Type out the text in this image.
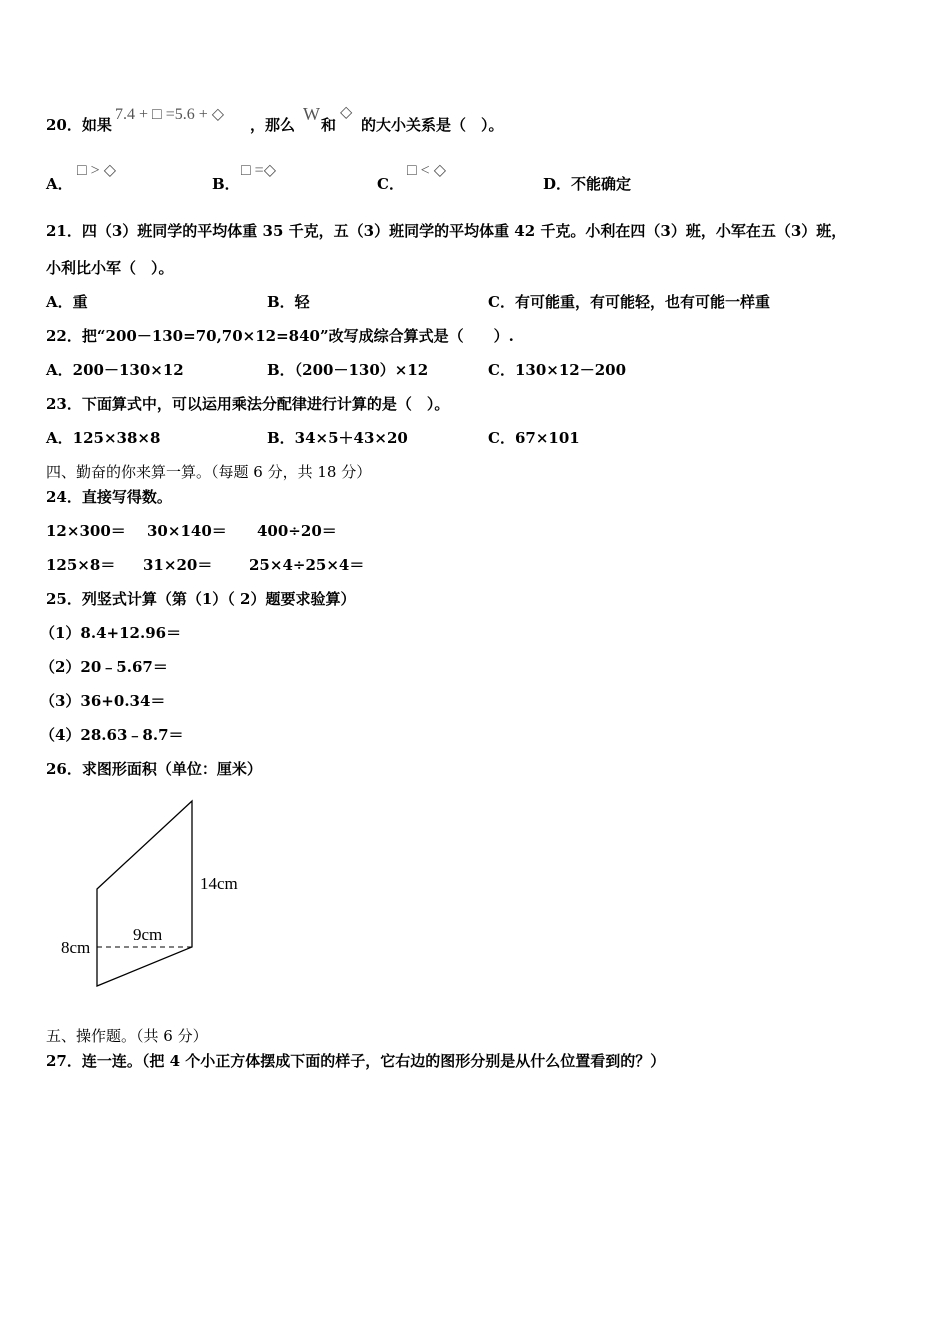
20．如果
7.4 + □ =5.6 + ◇
，那么
W
和
◇
的大小关系是（　）。
A．
□ > ◇
B．
□ =◇
C．
□ < ◇
D．不能确定
21．四（3）班同学的平均体重 35 千克，五（3）班同学的平均体重 42 千克。小利在四（3）班，小军在五（3）班，
小利比小军（　）。
A．重	B．轻	C．有可能重，有可能轻，也有可能一样重
22．把“200－130=70,70×12=840”改写成综合算式是（　　）.
A．200－130×12	B．（200－130）×12	C．130×12－200
23．下面算式中，可以运用乘法分配律进行计算的是（　）。
A．125×38×8	B．34×5＋43×20	C．67×101
四、勤奋的你来算一算。（每题 6 分，共 18 分）
24．直接写得数。
12×300＝ 30×140＝ 400÷20＝
125×8＝ 31×20＝ 25×4÷25×4＝
25．列竖式计算（第（1）（ 2）题要求验算）
（1）8.4+12.96＝
（2）20﹣5.67＝
（3）36+0.34＝
（4）28.63﹣8.7＝
26．求图形面积（单位：厘米）
14cm
9cm
8cm
五、操作题。（共 6 分）
27．连一连。（把 4 个小正方体摆成下面的样子，它右边的图形分别是从什么位置看到的？）
